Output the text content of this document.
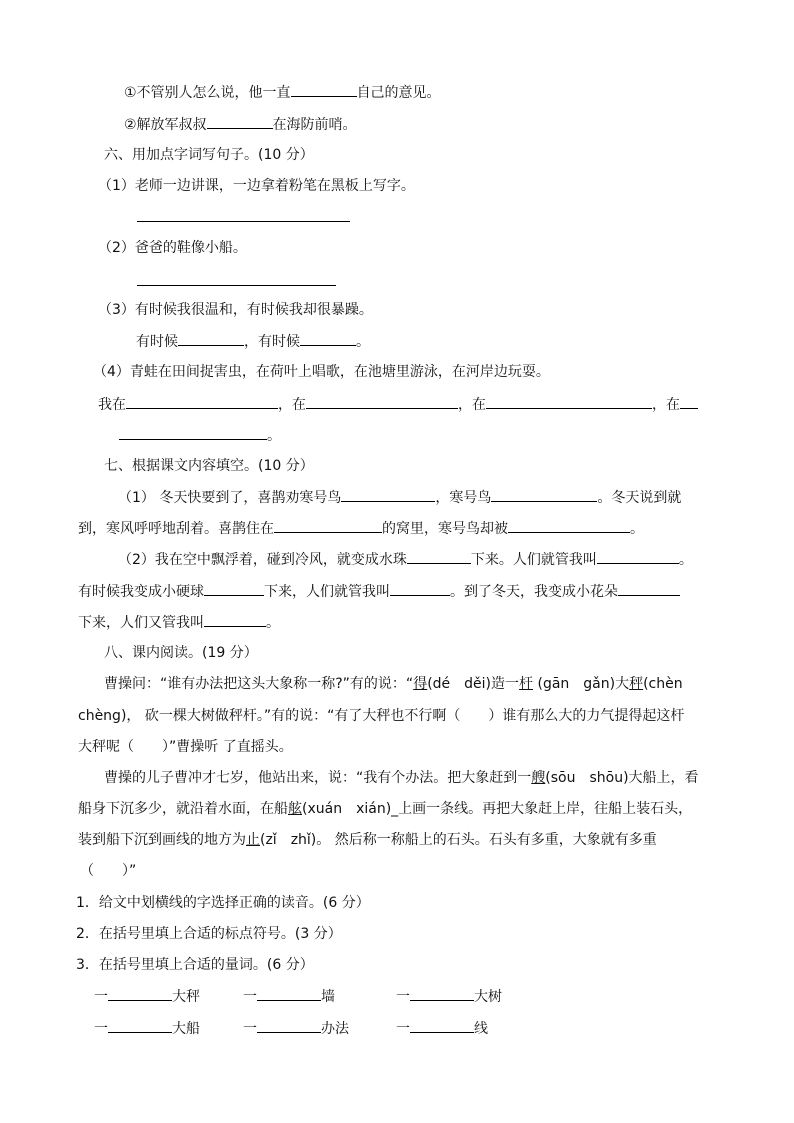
①不管别人怎么说，他一直	自己的意见。
②解放军叔叔	在海防前哨。
六、用加点字词写句子。(10 分）
（1）老师一边讲课，一边拿着粉笔在黑板上写字。
（2）爸爸的鞋像小船。
（3）有时候我很温和，有时候我却很暴躁。
有时候	，有时候	。
（4）青蛙在田间捉害虫，在荷叶上唱歌，在池塘里游泳，在河岸边玩耍。
我在	，在	，在	，在
。
七、根据课文内容填空。(10 分）
（1） 冬天快要到了，喜鹊劝寒号鸟	，寒号鸟	。冬天说到就
到，寒风呼呼地刮着。喜鹊住在	的窝里，寒号鸟却被	。
（2）我在空中飘浮着，碰到冷风，就变成水珠	下来。人们就管我叫	。
有时候我变成小硬球	下来，人们就管我叫	。到了冬天，我变成小花朵
下来，人们又管我叫	。
八、课内阅读。(19 分）
曹操问：“谁有办法把这头大象称一称?”有的说：“得(dé　děi)造一杆 (gān　gǎn)大秤(chèn
chèng)， 砍一棵大树做秤杆。”有的说：“有了大秤也不行啊（　　）谁有那么大的力气提得起这杆
大秤呢（　　）”曹操听 了直摇头。
曹操的儿子曹冲才七岁，他站出来，说：“我有个办法。把大象赶到一艘(sōu　shōu)大船上，看
船身下沉多少，就沿着水面，在船舷(xuán　xián)_上画一条线。再把大象赶上岸，往船上装石头，
装到船下沉到画线的地方为止(zǐ　zhǐ)。 然后称一称船上的石头。石头有多重，大象就有多重
（　　）”
1．给文中划横线的字选择正确的读音。(6 分）
2．在括号里填上合适的标点符号。(3 分）
3．在括号里填上合适的量词。(6 分）
一	大秤	一	墙	一	大树
一	大船	一	办法	一	线
